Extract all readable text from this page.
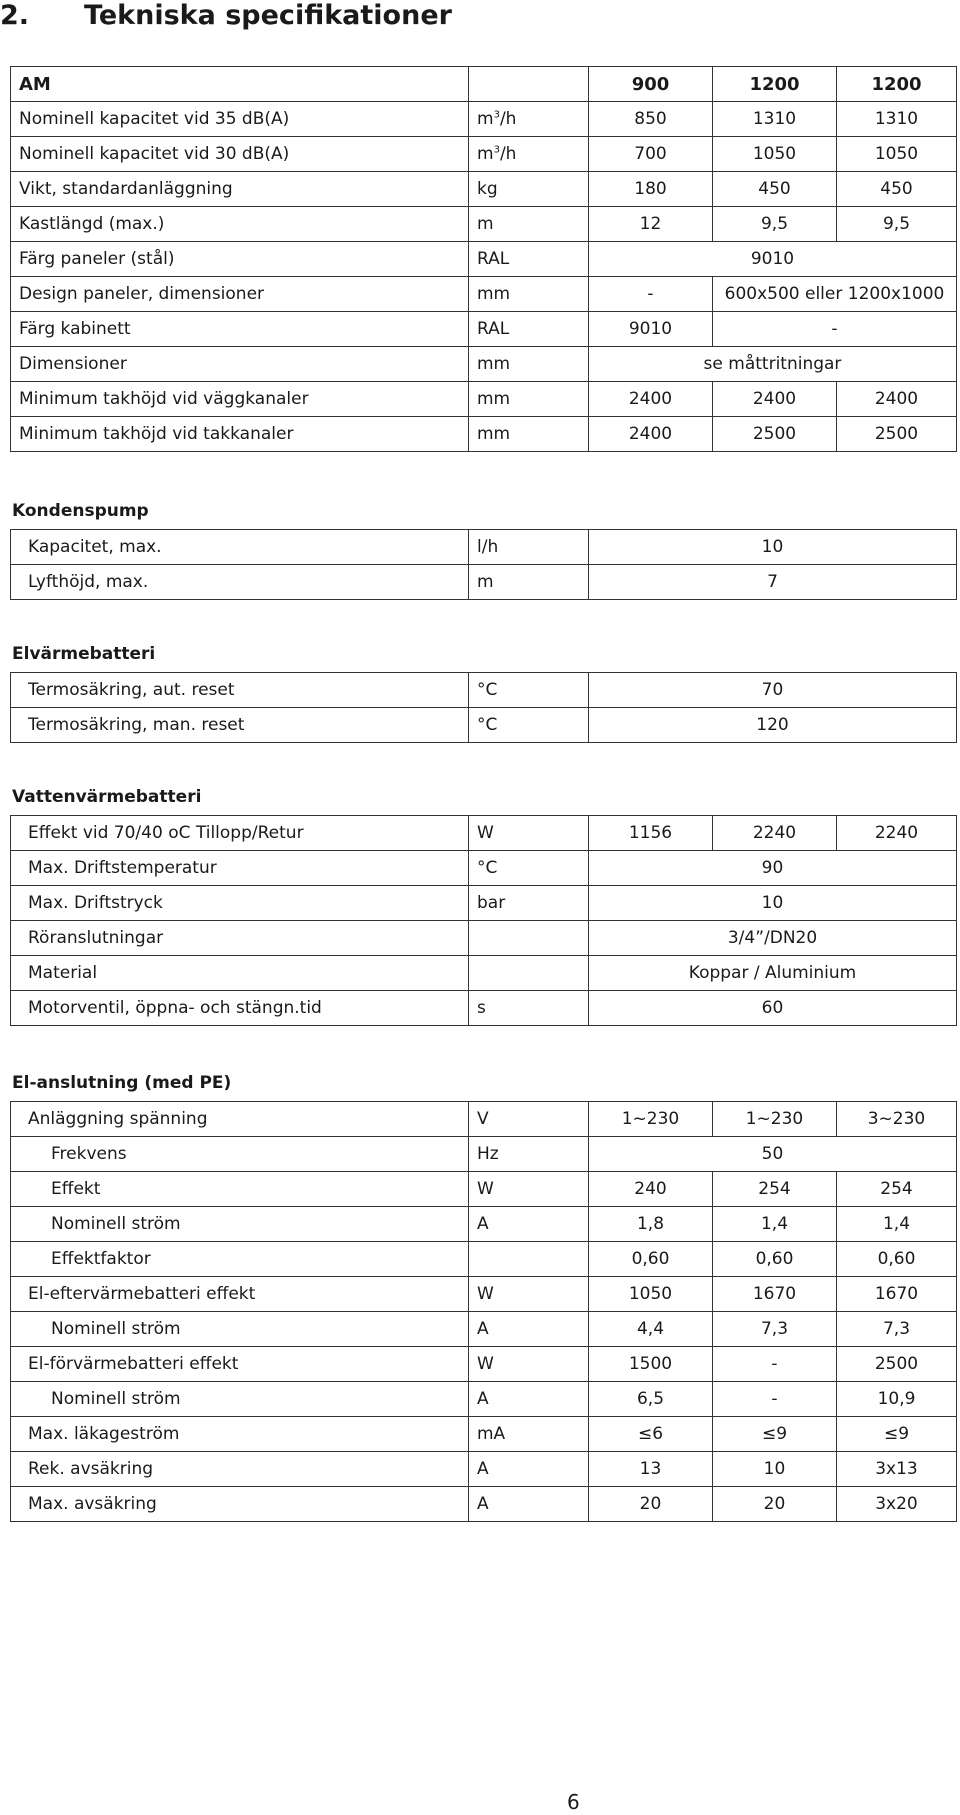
2. Tekniska specifikationer
AM		900	1200	1200
Nominell kapacitet vid 35 dB(A)	$m^3/h$	850	1310	1310
Nominell kapacitet vid 30 dB(A)	$m^3/h$	700	1050	1050
Vikt, standardanläggning	kg	180	450	450
Kastlängd (max.)	m	12	9,5	9,5
Färg paneler (stål)	RAL	9010		
Design paneler, dimensioner	mm	-	600x500 eller 1200x1000	
Färg kabinett	RAL	9010	-	
Dimensioner	mm	se måttritningar		
Minimum takhöjd vid väggkanaler	mm	2400	2400	2400
Minimum takhöjd vid takkanaler	mm	2400	2500	2500
Kondenspump
Kapacitet, max.	l/h	10
Lyfthöjd, max.	m	7
Elvärmebatteri
Termosäkring, aut. reset	°C	70
Termosäkring, man. reset	°C	120
Vattenvärmebatteri
Effekt vid 70/40 oC Tillopp/Retur	W	1156	2240	2240
Max. Driftstemperatur	°C	90		
Max. Driftstryck	bar	10		
Röranslutningar		3/4”/DN20		
Material		Koppar / Aluminium		
Motorventil, öppna- och stängn.tid	s	60		
El-anslutning (med PE)
Anläggning spänning	V	1~230	1~230	3~230
Frekvens	Hz	50		
Effekt	W	240	254	254
Nominell ström	A	1,8	1,4	1,4
Effektfaktor		0,60	0,60	0,60
El-eftervärmebatteri effekt	W	1050	1670	1670
Nominell ström	A	4,4	7,3	7,3
El-förvärmebatteri effekt	W	1500	-	2500
Nominell ström	A	6,5	-	10,9
Max. läkageström	mA	≤6	≤9	≤9
Rek. avsäkring	A	13	10	3x13
Max. avsäkring	A	20	20	3x20
6
